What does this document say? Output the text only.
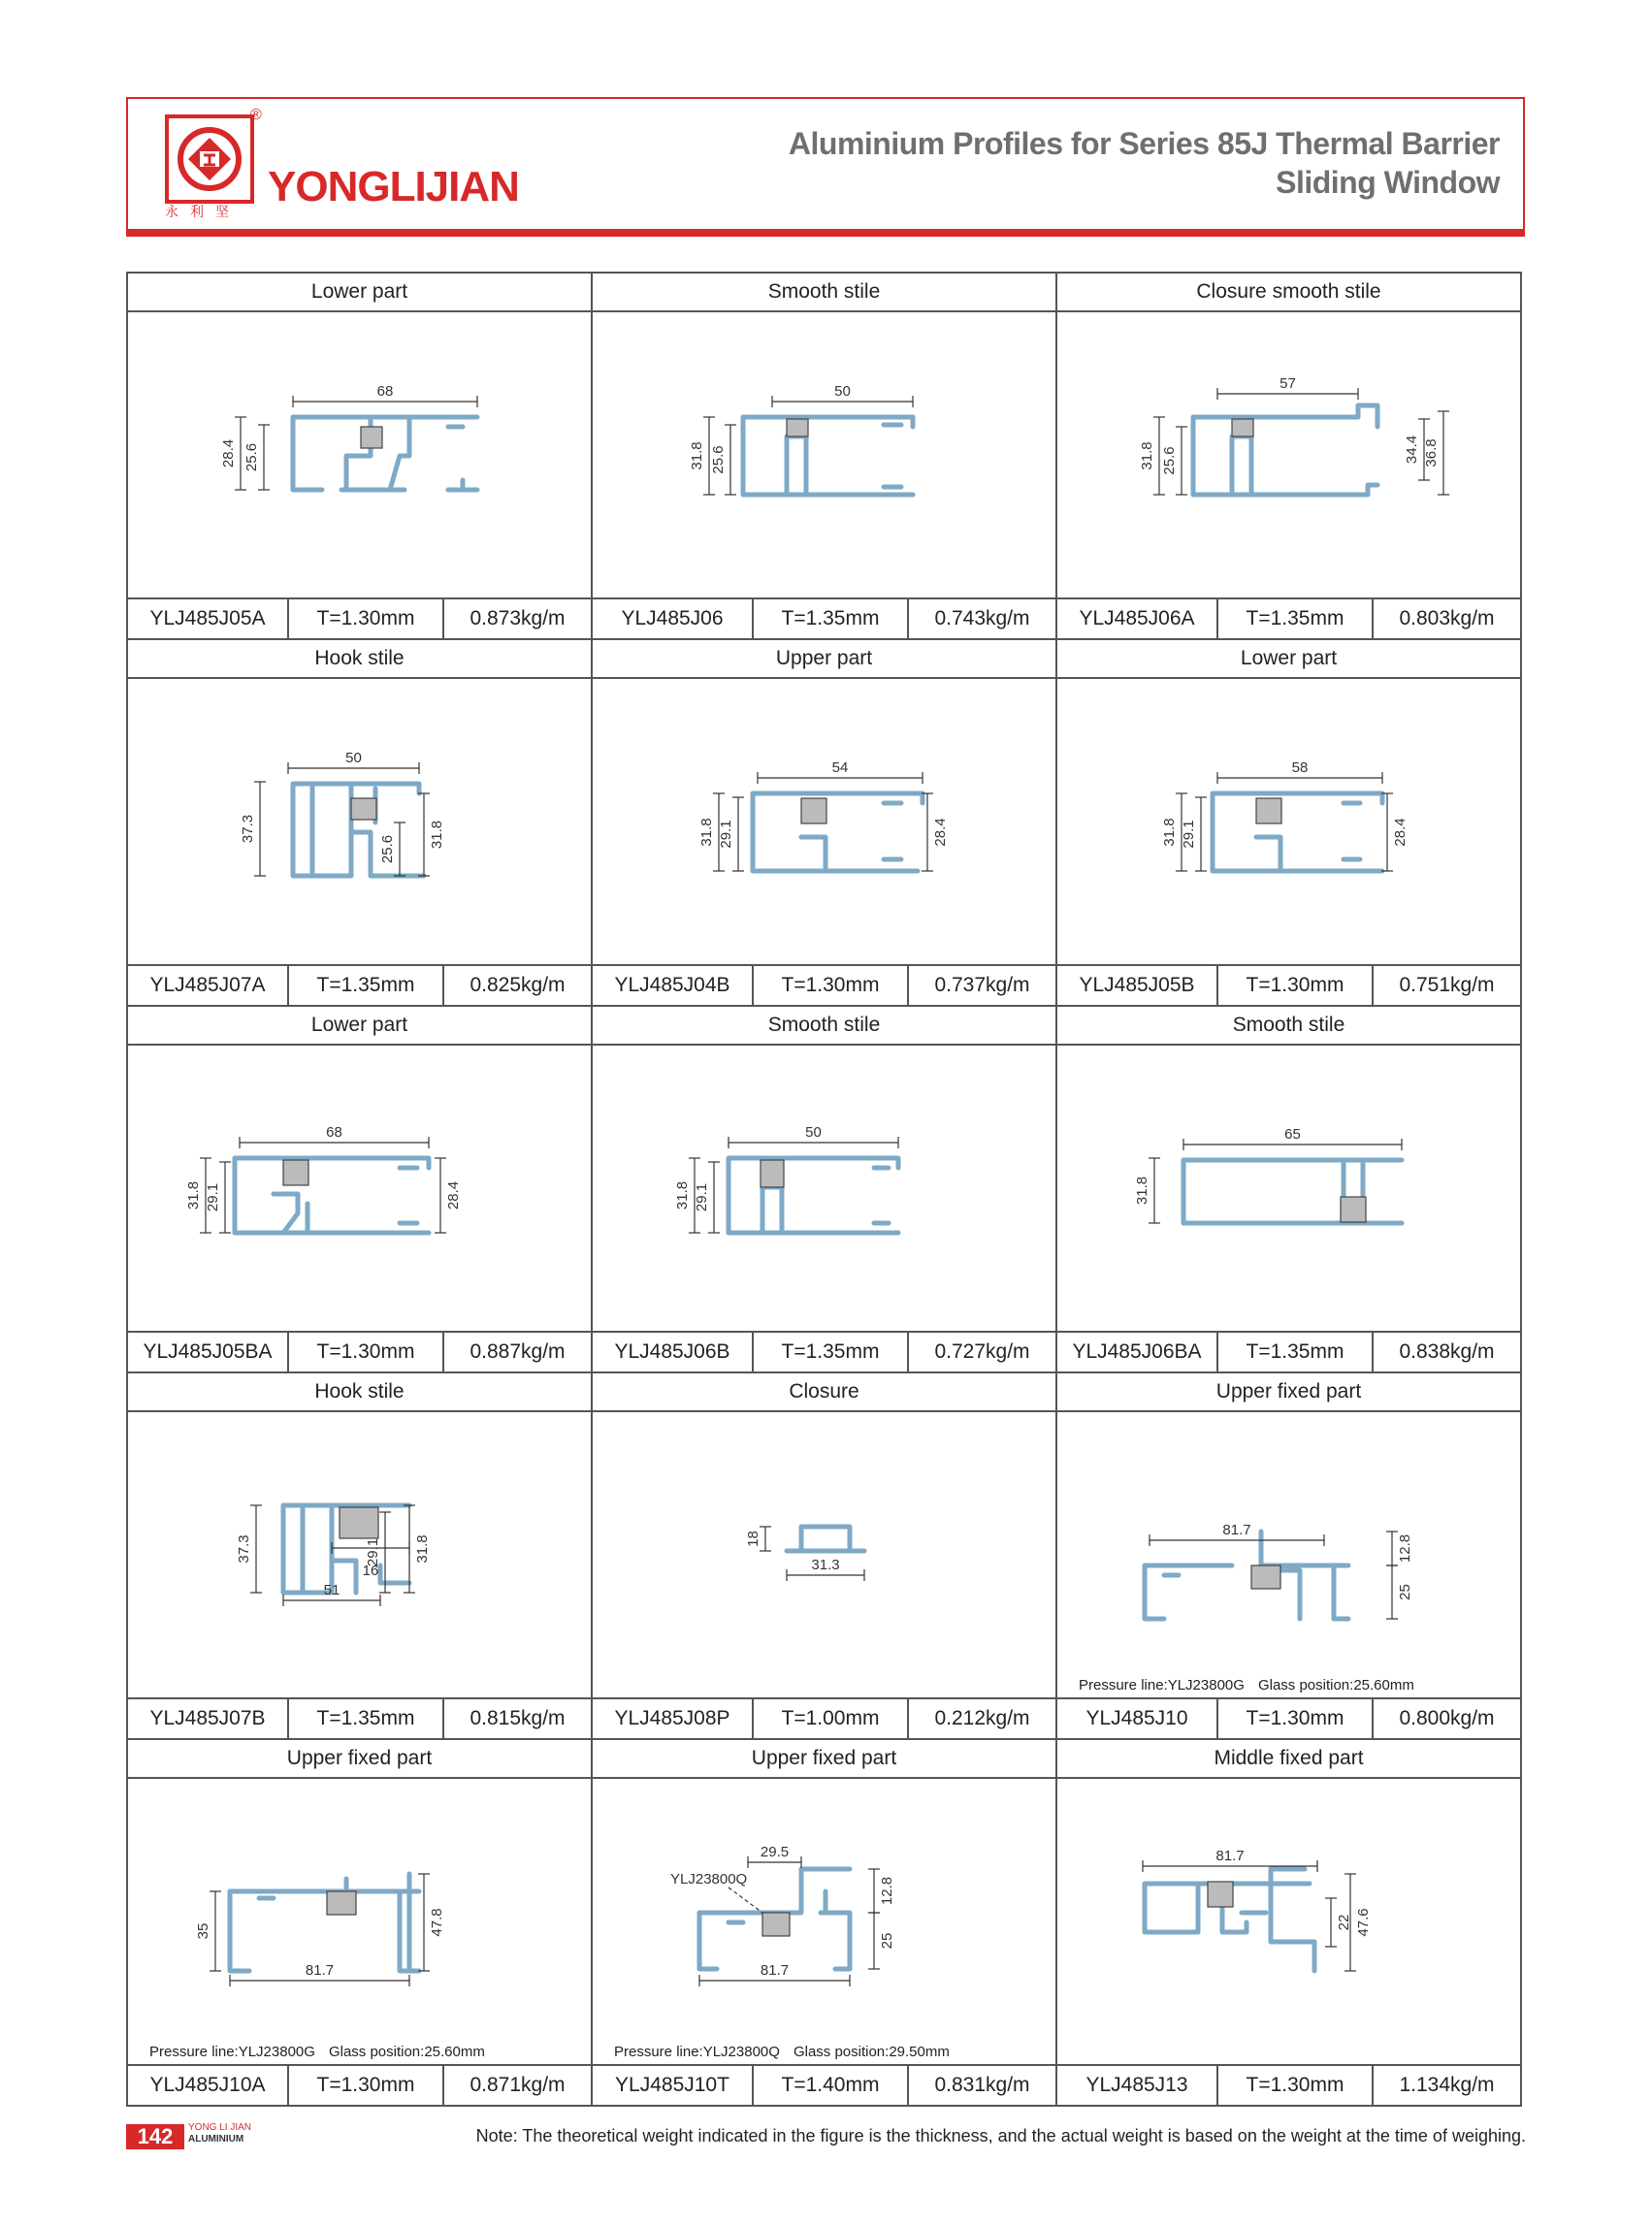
®
永利坚
YONGLIJIAN
Aluminium Profiles for Series 85J Thermal Barrier
Sliding Window
Lower part
68
28.4 25.6
YLJ485J05A	T=1.30mm	0.873kg/m
Smooth stile
50
31.8 25.6
YLJ485J06	T=1.35mm	0.743kg/m
Closure smooth stile
57
31.8 25.6	34.4 36.8
YLJ485J06A	T=1.35mm	0.803kg/m
Hook stile
50
37.3
25.6
31.8
YLJ485J07A	T=1.35mm	0.825kg/m
Upper part
54
31.8 29.1	28.4
YLJ485J04B	T=1.30mm	0.737kg/m
Lower part
58
31.8 29.1	28.4
YLJ485J05B	T=1.30mm	0.751kg/m
Lower part
68
31.8 29.1	28.4
YLJ485J05BA	T=1.30mm	0.887kg/m
Smooth stile
50
31.8 29.1
YLJ485J06B	T=1.35mm	0.727kg/m
Smooth stile
65
31.8
YLJ485J06BA	T=1.35mm	0.838kg/m
Hook stile
37.3	29.1 31.8
16
51
YLJ485J07B	T=1.35mm	0.815kg/m
Closure
18
31.3
YLJ485J08P	T=1.00mm	0.212kg/m
Upper fixed part
81.7
12.8
25
Pressure line:YLJ23800G Glass position:25.60mm
YLJ485J10	T=1.30mm	0.800kg/m
Upper fixed part
35	47.8
81.7
Pressure line:YLJ23800G Glass position:25.60mm
YLJ485J10A	T=1.30mm	0.871kg/m
Upper fixed part
29.5
12.8
25
81.7
YLJ23800Q
Pressure line:YLJ23800Q Glass position:29.50mm
YLJ485J10T	T=1.40mm	0.831kg/m
Middle fixed part
81.7
22 47.6
YLJ485J13	T=1.30mm	1.134kg/m
142	YONG LI JIAN
ALUMINIUM	Note: The theoretical weight indicated in the figure is the thickness, and the actual weight is based on the weight at the time of weighing.
